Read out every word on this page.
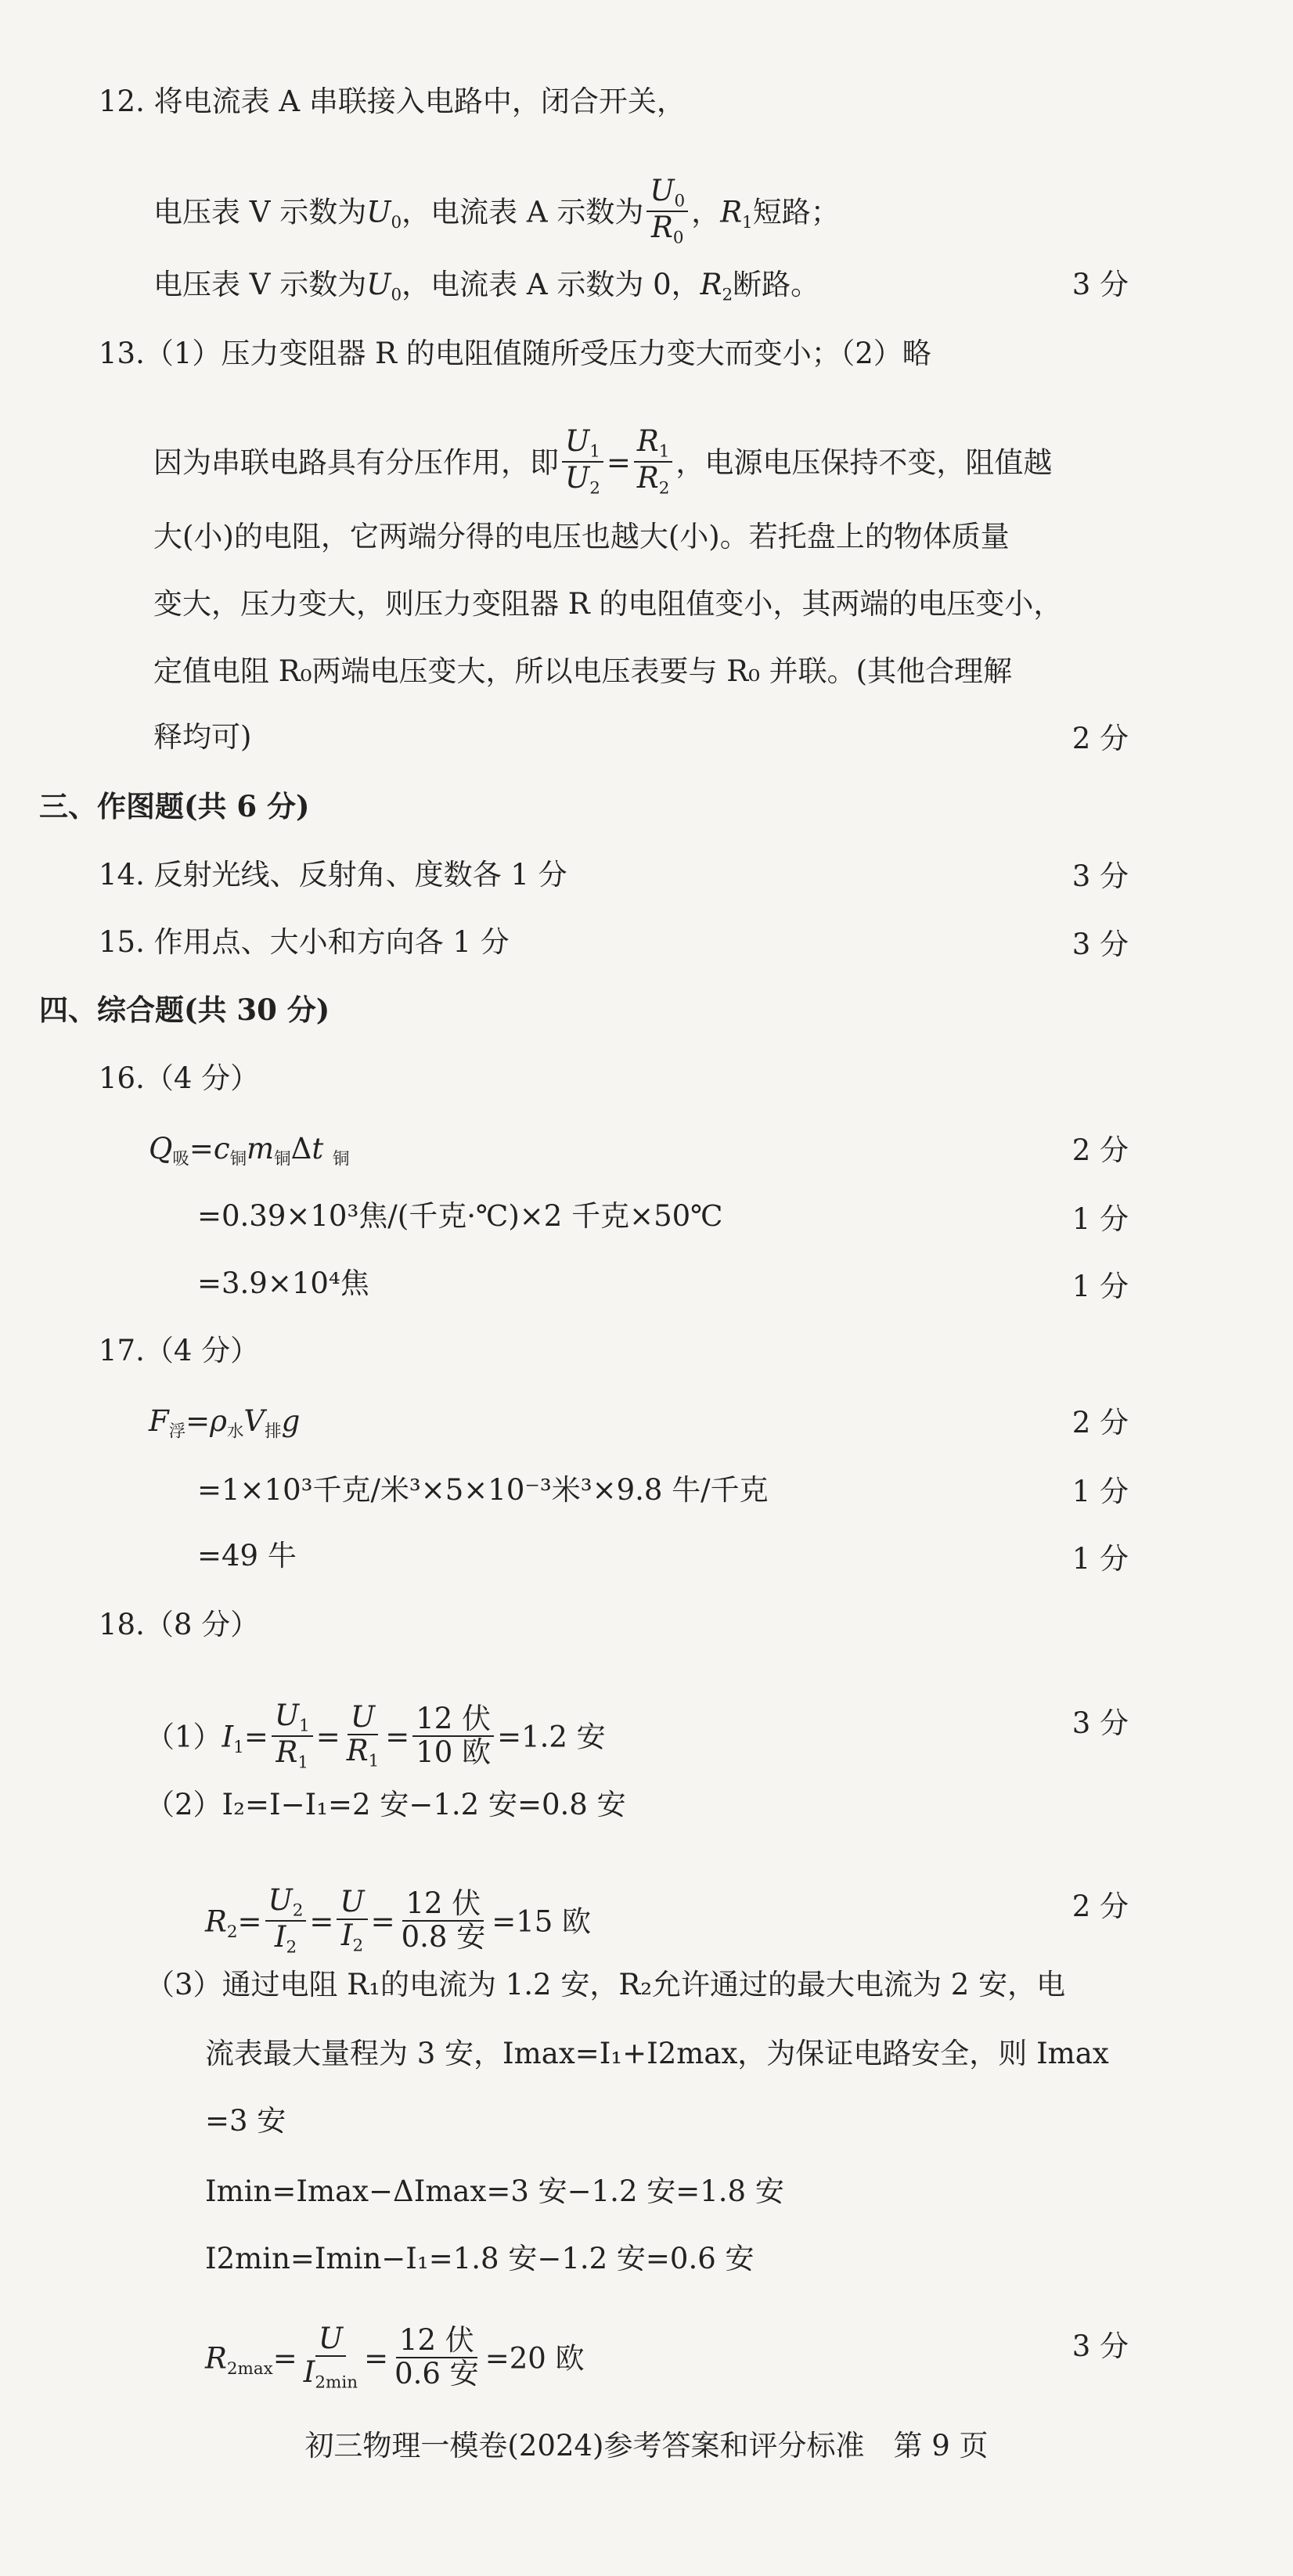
12. 将电流表 A 串联接入电路中，闭合开关，
电压表 V 示数为$U_0$，电流表 A 示数为 $\frac{U_0}{R_0}$ ，$R_1$短路；
电压表 V 示数为$U_0$，电流表 A 示数为 0，$R_2$断路。	3 分
13.（1）压力变阻器 R 的电阻值随所受压力变大而变小；（2）略
因为串联电路具有分压作用，即 $\frac{U_1}{U_2} = \frac{R_1}{R_2}$ ，电源电压保持不变，阻值越
大(小)的电阻，它两端分得的电压也越大(小)。若托盘上的物体质量
变大，压力变大，则压力变阻器 R 的电阻值变小，其两端的电压变小，
定值电阻 R₀两端电压变大，所以电压表要与 R₀ 并联。(其他合理解
释均可)	2 分
三、作图题(共 6 分)
14. 反射光线、反射角、度数各 1 分	3 分
15. 作用点、大小和方向各 1 分	3 分
四、综合题(共 30 分)
16.（4 分）
$Q_吸=c_铜m_铜\Delta t$ $_铜$	2 分
=0.39×10³焦/(千克·℃)×2 千克×50℃	1 分
=3.9×10⁴焦	1 分
17.（4 分）
$F_浮=\rho_水V_排g$	2 分
=1×10³千克/米³×5×10⁻³米³×9.8 牛/千克	1 分
=49 牛	1 分
18.（8 分）
$(1)I_1= \frac{U_1}{R_1} = \frac{U}{R_1}$ =
12 伏
10 欧 =1.2 安	3 分
（2）I₂=I−I₁=2 安−1.2 安=0.8 安
$R_2= \frac{U_2}{I_2} = \frac{U}{I_2}$ =
12 伏
0.8 安 =15 欧	2 分
（3）通过电阻 R₁的电流为 1.2 安，R₂允许通过的最大电流为 2 安，电
流表最大量程为 3 安，Imax=I₁+I2max，为保证电路安全，则 Imax
=3 安
Imin=Imax−ΔImax=3 安−1.2 安=1.8 安
I2min=Imin−I₁=1.8 安−1.2 安=0.6 安
$R_{2max}=$
U
$I_{2min}$
=
12 伏
0.6 安 =20 欧	3 分
初三物理一模卷(2024)参考答案和评分标准　第 9 页
